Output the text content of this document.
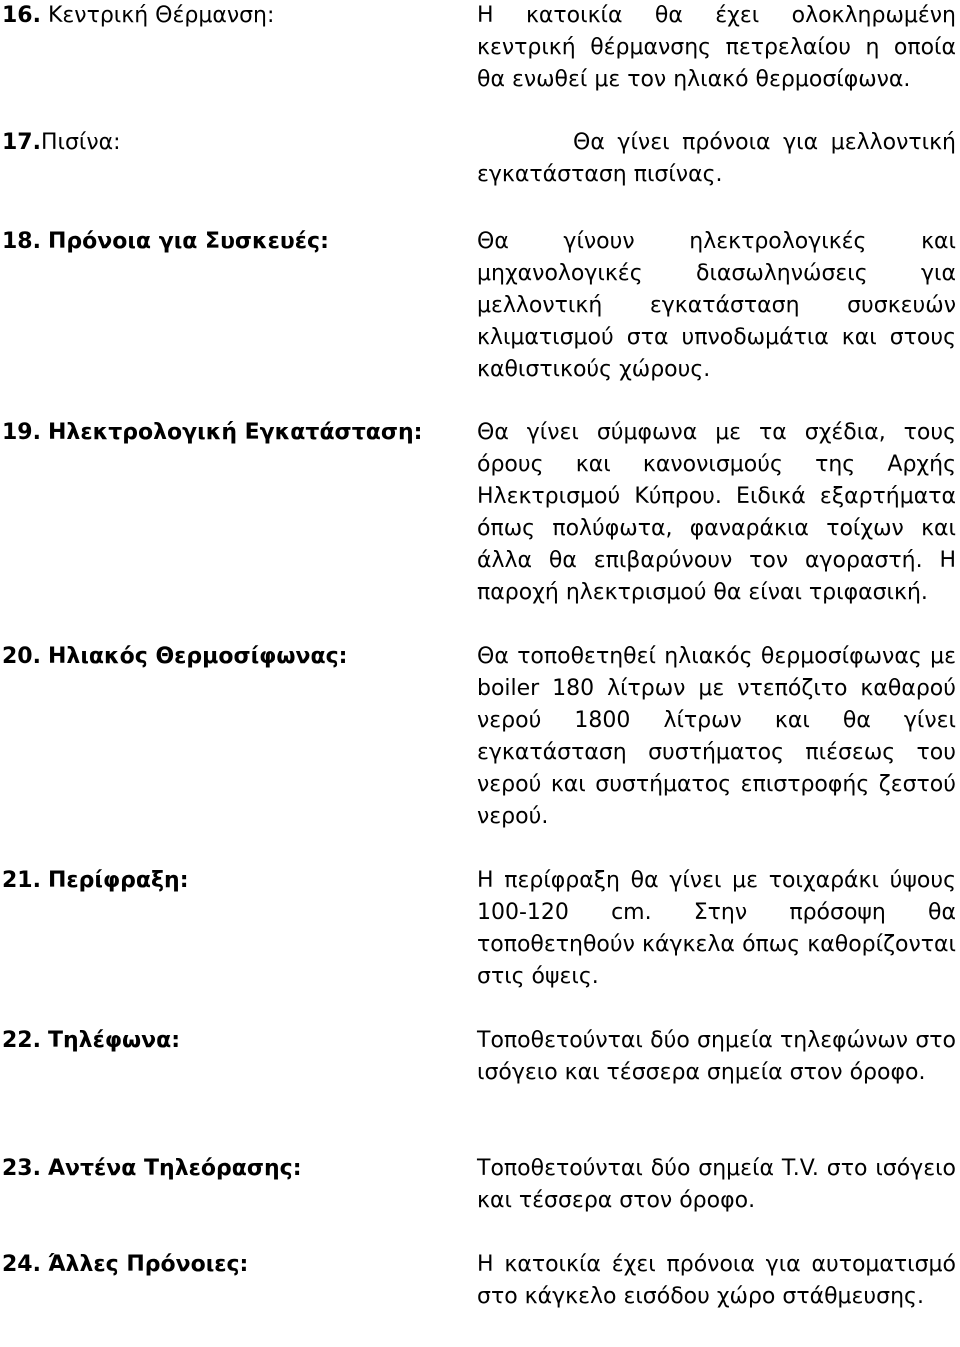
16. Κεντρική Θέρμανση:	Η κατοικία θα έχει ολοκληρωμένη κεντρική θέρμανσης πετρελαίου η οποία θα ενωθεί με τον ηλιακό θερμοσίφωνα.

17.Πισίνα:	Θα γίνει πρόνοια για μελλοντική εγκατάσταση πισίνας.

18. Πρόνοια για Συσκευές:	Θα γίνουν ηλεκτρολογικές και μηχανολογικές διασωληνώσεις για μελλοντική εγκατάσταση συσκευών κλιματισμού στα υπνοδωμάτια και στους καθιστικούς χώρους.

19. Ηλεκτρολογική Εγκατάσταση: Θα γίνει σύμφωνα με τα σχέδια, τους όρους και κανονισμούς της Αρχής Ηλεκτρισμού Κύπρου. Ειδικά εξαρτήματα όπως πολύφωτα, φαναράκια τοίχων και άλλα θα επιβαρύνουν τον αγοραστή. Η παροχή ηλεκτρισμού θα είναι τριφασική.

20. Ηλιακός Θερμοσίφωνας:	Θα τοποθετηθεί ηλιακός θερμοσίφωνας με boiler 180 λίτρων με ντεπόζιτο καθαρού νερού 1800 λίτρων και θα γίνει εγκατάσταση συστήματος πιέσεως του νερού και συστήματος επιστροφής ζεστού νερού.

21. Περίφραξη:	Η περίφραξη θα γίνει με τοιχαράκι ύψους 100-120 cm. Στην πρόσοψη θα τοποθετηθούν κάγκελα όπως καθορίζονται στις όψεις.

22. Τηλέφωνα:	Τοποθετούνται δύο σημεία τηλεφώνων στο ισόγειο και τέσσερα σημεία στον όροφο.

23. Αντένα Τηλεόρασης:	Τοποθετούνται δύο σημεία T.V. στο ισόγειο και τέσσερα στον όροφο.

24. Άλλες Πρόνοιες:	Η κατοικία έχει πρόνοια για αυτοματισμό στο κάγκελο εισόδου χώρο στάθμευσης.
